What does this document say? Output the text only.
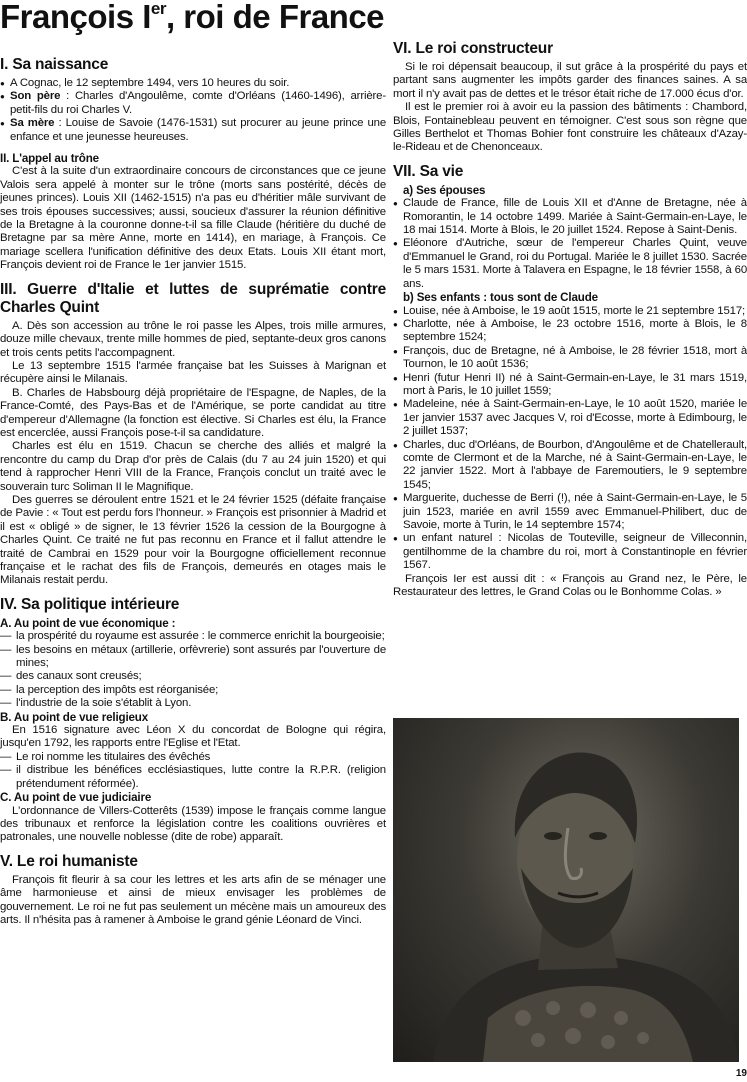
François Ier, roi de France
I. Sa naissance
● A Cognac, le 12 septembre 1494, vers 10 heures du soir.
● Son père : Charles d'Angoulême, comte d'Orléans (1460-1496), arrière-petit-fils du roi Charles V.
● Sa mère : Louise de Savoie (1476-1531) sut procurer au jeune prince une enfance et une jeunesse heureuses.
II. L'appel au trône

C'est à la suite d'un extraordinaire concours de circonstances que ce jeune Valois sera appelé à monter sur le trône (morts sans postérité, décès de jeunes princes). Louis XII (1462-1515) n'a pas eu d'héritier mâle survivant de ses trois épouses successives; aussi, soucieux d'assurer la réunion définitive de la Bretagne à la couronne donne-t-il sa fille Claude (héritière du duché de Bretagne par sa mère Anne, morte en 1414), en mariage, à François. Ce mariage scellera l'unification définitive des deux Etats. Louis XII étant mort, François devient roi de France le 1er janvier 1515.

III. Guerre d'Italie et luttes de suprématie contre Charles Quint

A. Dès son accession au trône le roi passe les Alpes, trois mille armures, douze mille chevaux, trente mille hommes de pied, septante-deux gros canons et trois cents petits l'accompagnent.

Le 13 septembre 1515 l'armée française bat les Suisses à Marignan et récupère ainsi le Milanais.

B. Charles de Habsbourg déjà propriétaire de l'Espagne, de Naples, de la France-Comté, des Pays-Bas et de l'Amérique, se porte candidat au titre d'empereur d'Allemagne (la fonction est élective. Si Charles est élu, la France est encerclée, aussi François pose-t-il sa candidature.

Charles est élu en 1519. Chacun se cherche des alliés et malgré la rencontre du camp du Drap d'or près de Calais (du 7 au 24 juin 1520) et qui tend à rapprocher Henri VIII de la France, François conclut un traité avec le souverain turc Soliman II le Magnifique.

Des guerres se déroulent entre 1521 et le 24 février 1525 (défaite française de Pavie : « Tout est perdu fors l'honneur. » François est prisonnier à Madrid et il est « obligé » de signer, le 13 février 1526 la cession de la Bourgogne à Charles Quint. Ce traité ne fut pas reconnu en France et il fallut attendre le traité de Cambrai en 1529 pour voir la Bourgogne officiellement reconnue française et le rachat des fils de François, demeurés en otages mais le Milanais restait perdu.

IV. Sa politique intérieure
A. Au point de vue économique :
— la prospérité du royaume est assurée : le commerce enrichit la bourgeoisie;
— les besoins en métaux (artillerie, orfèvrerie) sont assurés par l'ouverture de mines;
— des canaux sont creusés;
— la perception des impôts est réorganisée;
— l'industrie de la soie s'établit à Lyon.
B. Au point de vue religieux

En 1516 signature avec Léon X du concordat de Bologne qui régira, jusqu'en 1792, les rapports entre l'Eglise et l'Etat.

— Le roi nomme les titulaires des évêchés
— il distribue les bénéfices ecclésiastiques, lutte contre la R.P.R. (religion prétendument réformée).
C. Au point de vue judiciaire

L'ordonnance de Villers-Cotterêts (1539) impose le français comme langue des tribunaux et renforce la législation contre les coalitions ouvrières et patronales, une nouvelle noblesse (dite de robe) apparaît.

V. Le roi humaniste

François fit fleurir à sa cour les lettres et les arts afin de se ménager une âme harmonieuse et ainsi de mieux envisager les problèmes de gouvernement. Le roi ne fut pas seulement un mécène mais un amoureux des arts. Il n'hésita pas à ramener à Amboise le grand génie Léonard de Vinci.

VI. Le roi constructeur

Si le roi dépensait beaucoup, il sut grâce à la prospérité du pays et partant sans augmenter les impôts garder des finances saines. A sa mort il n'y avait pas de dettes et le trésor était riche de 17.000 écus d'or.

Il est le premier roi à avoir eu la passion des bâtiments : Chambord, Blois, Fontainebleau peuvent en témoigner. C'est sous son règne que Gilles Berthelot et Thomas Bohier font construire les châteaux d'Azay-le-Rideau et de Chenonceaux.

VII. Sa vie
a) Ses épouses
● Claude de France, fille de Louis XII et d'Anne de Bretagne, née à Romorantin, le 14 octobre 1499. Mariée à Saint-Germain-en-Laye, le 18 mai 1514. Morte à Blois, le 20 juillet 1524. Repose à Saint-Denis.
● Eléonore d'Autriche, sœur de l'empereur Charles Quint, veuve d'Emmanuel le Grand, roi du Portugal. Mariée le 8 juillet 1530. Sacrée le 5 mars 1531. Morte à Talavera en Espagne, le 18 février 1558, à 60 ans.
b) Ses enfants : tous sont de Claude
● Louise, née à Amboise, le 19 août 1515, morte le 21 septembre 1517;
● Charlotte, née à Amboise, le 23 octobre 1516, morte à Blois, le 8 septembre 1524;
● François, duc de Bretagne, né à Amboise, le 28 février 1518, mort à Tournon, le 10 août 1536;
● Henri (futur Henri II) né à Saint-Germain-en-Laye, le 31 mars 1519, mort à Paris, le 10 juillet 1559;
● Madeleine, née à Saint-Germain-en-Laye, le 10 août 1520, mariée le 1er janvier 1537 avec Jacques V, roi d'Ecosse, morte à Edimbourg, le 2 juillet 1537;
● Charles, duc d'Orléans, de Bourbon, d'Angoulême et de Chatellerault, comte de Clermont et de la Marche, né à Saint-Germain-en-Laye, le 22 janvier 1522. Mort à l'abbaye de Faremoutiers, le 9 septembre 1545;
● Marguerite, duchesse de Berri (!), née à Saint-Germain-en-Laye, le 5 juin 1523, mariée en avril 1559 avec Emmanuel-Philibert, duc de Savoie, morte à Turin, le 14 septembre 1574;
● un enfant naturel : Nicolas de Touteville, seigneur de Villeconnin, gentilhomme de la chambre du roi, mort à Constantinople en février 1567.

François Ier est aussi dit : « François au Grand nez, le Père, le Restaurateur des lettres, le Grand Colas ou le Bonhomme Colas. »

19
